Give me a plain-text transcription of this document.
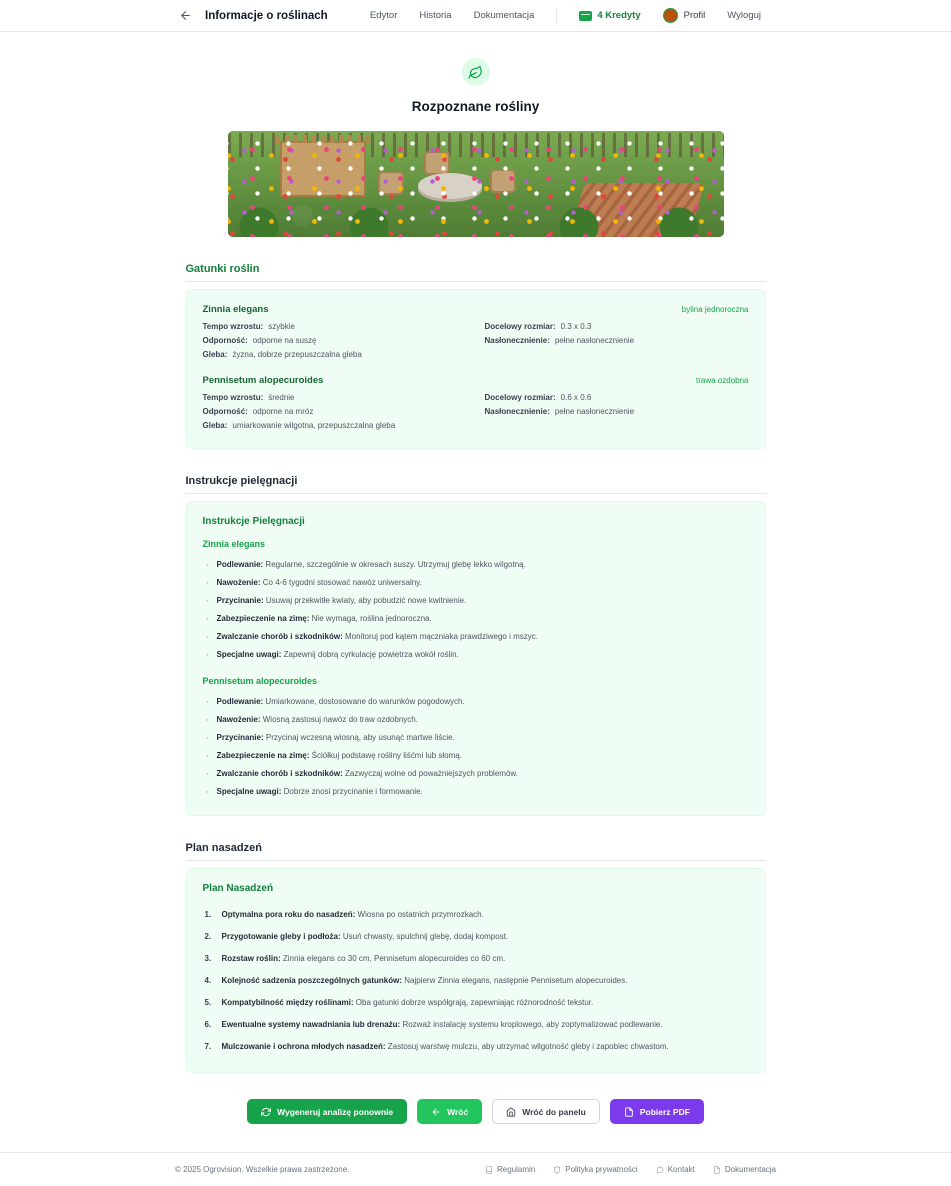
Informacje o roślinach	Edytor Historia Dokumentacja	4 Kredyty	Profil Wyloguj
Rozpoznane rośliny
Gatunki roślin
Zinnia elegans	bylina jednoroczna
Tempo wzrostu: szybkie	Docelowy rozmiar: 0.3 x 0.3
Odporność: odporne na suszę	Nasłonecznienie: pełne nasłonecznienie
Gleba: żyzna, dobrze przepuszczalna gleba
Pennisetum alopecuroides	trawa ozdobna
Tempo wzrostu: średnie	Docelowy rozmiar: 0.6 x 0.6
Odporność: odporne na mróz	Nasłonecznienie: pełne nasłonecznienie
Gleba: umiarkowanie wilgotna, przepuszczalna gleba
Instrukcje pielęgnacji
Instrukcje Pielęgnacji
Zinnia elegans
· Podlewanie: Regularne, szczególnie w okresach suszy. Utrzymuj glebę lekko wilgotną.
· Nawożenie: Co 4-6 tygodni stosować nawóz uniwersalny.
· Przycinanie: Usuwaj przekwitłe kwiaty, aby pobudzić nowe kwitnienie.
· Zabezpieczenie na zimę: Nie wymaga, roślina jednoroczna.
· Zwalczanie chorób i szkodników: Monitoruj pod kątem mączniaka prawdziwego i mszyc.
· Specjalne uwagi: Zapewnij dobrą cyrkulację powietrza wokół roślin.
Pennisetum alopecuroides
· Podlewanie: Umiarkowane, dostosowane do warunków pogodowych.
· Nawożenie: Wiosną zastosuj nawóz do traw ozdobnych.
· Przycinanie: Przycinaj wczesną wiosną, aby usunąć martwe liście.
· Zabezpieczenie na zimę: Ściółkuj podstawę rośliny liśćmi lub słomą.
· Zwalczanie chorób i szkodników: Zazwyczaj wolne od poważniejszych problemów.
· Specjalne uwagi: Dobrze znosi przycinanie i formowanie.
Plan nasadzeń
Plan Nasadzeń
Optymalna pora roku do nasadzeń: Wiosna po ostatnich przymrozkach.
Przygotowanie gleby i podłoża: Usuń chwasty, spulchnij glebę, dodaj kompost.
Rozstaw roślin: Zinnia elegans co 30 cm, Pennisetum alopecuroides co 60 cm.
Kolejność sadzenia poszczególnych gatunków: Najpierw Zinnia elegans, następnie Pennisetum alopecuroides.
Kompatybilność między roślinami: Oba gatunki dobrze współgrają, zapewniając różnorodność tekstur.
Ewentualne systemy nawadniania lub drenażu: Rozważ instalację systemu kroplowego, aby zoptymalizować podlewanie.
Mulczowanie i ochrona młodych nasadzeń: Zastosuj warstwę mulczu, aby utrzymać wilgotność gleby i zapobiec chwastom.
Wygeneruj analizę ponownie	Wróć	Wróć do panelu	Pobierz PDF
© 2025 Ogrovision. Wszelkie prawa zastrzeżone.	Regulamin	Polityka prywatności	Kontakt	Dokumentacja
